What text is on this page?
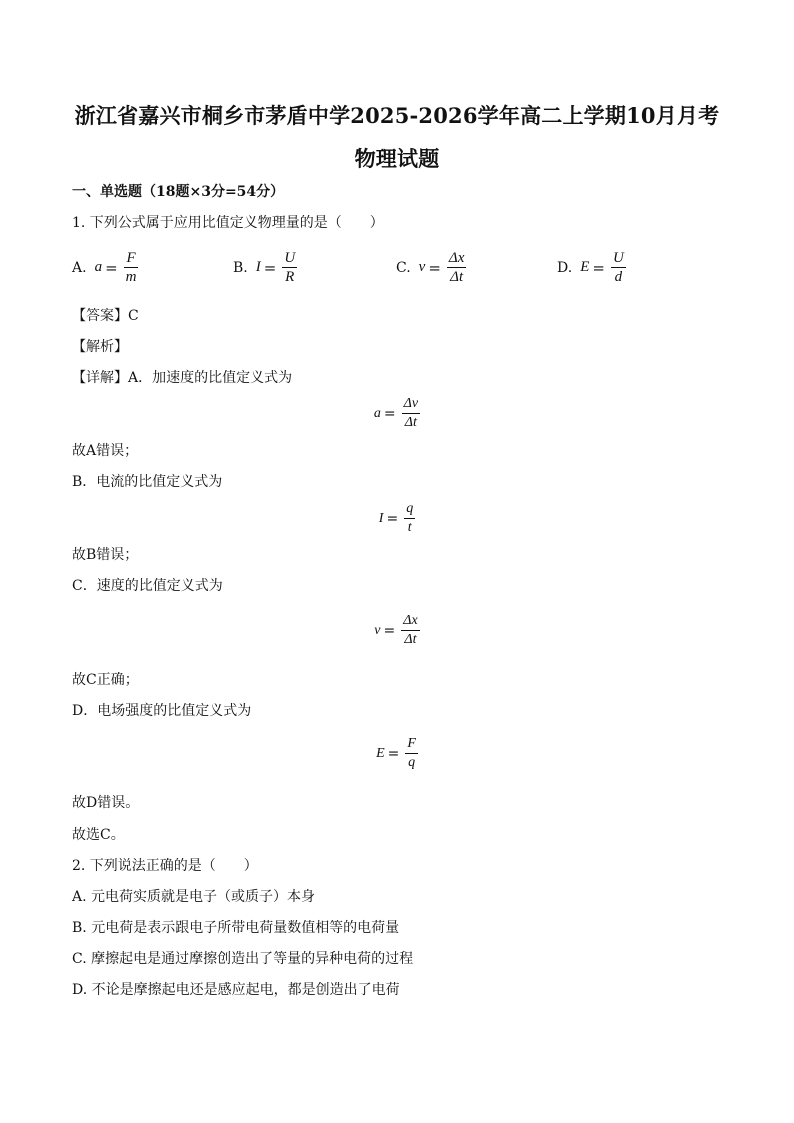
浙江省嘉兴市桐乡市茅盾中学2025-2026学年高二上学期10月月考
物理试题
一、单选题（18题×3分=54分）
1. 下列公式属于应用比值定义物理量的是（　　）
A. $a = \frac{F}{m}$	B. $I = \frac{U}{R}$	C. $v = \frac{\Delta x}{\Delta t}$	D. $E = \frac{U}{d}$
【答案】C
【解析】
【详解】A．加速度的比值定义式为
$a = \frac{\Delta v}{\Delta t}$
故A错误；
B．电流的比值定义式为
$I = \frac{q}{t}$
故B错误；
C．速度的比值定义式为
$v = \frac{\Delta x}{\Delta t}$
故C正确；
D．电场强度的比值定义式为
$E = \frac{F}{q}$
故D错误。
故选C。
2. 下列说法正确的是（　　）
A. 元电荷实质就是电子（或质子）本身
B. 元电荷是表示跟电子所带电荷量数值相等的电荷量
C. 摩擦起电是通过摩擦创造出了等量的异种电荷的过程
D. 不论是摩擦起电还是感应起电，都是创造出了电荷
